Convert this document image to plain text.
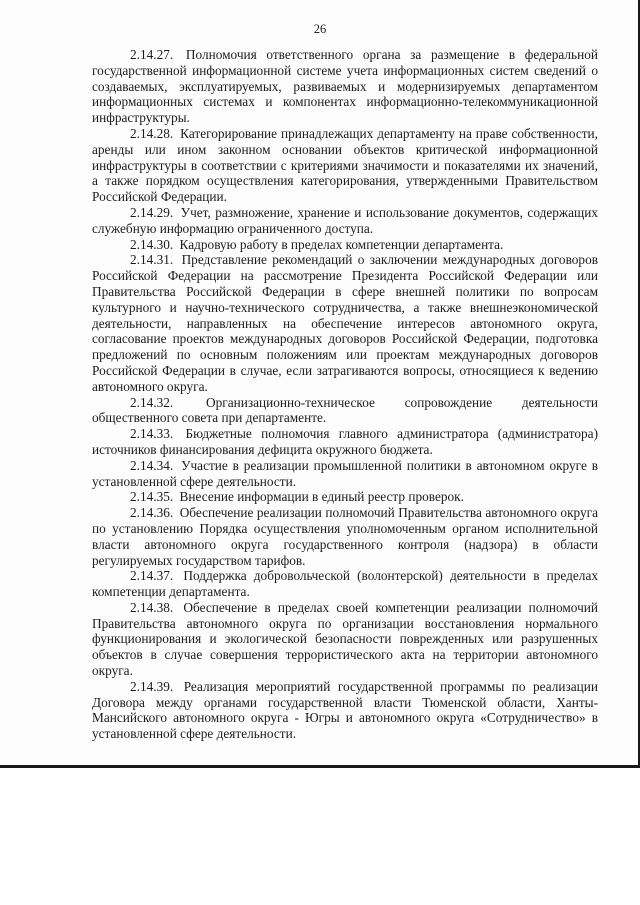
26

2.14.27. Полномочия ответственного органа за размещение в федеральной государственной информационной системе учета информационных систем сведений о создаваемых, эксплуатируемых, развиваемых и модернизируемых департаментом информационных системах и компонентах информационно-телекоммуникационной инфраструктуры.

2.14.28. Категорирование принадлежащих департаменту на праве собственности, аренды или ином законном основании объектов критической информационной инфраструктуры в соответствии с критериями значимости и показателями их значений, а также порядком осуществления категорирования, утвержденными Правительством Российской Федерации.

2.14.29. Учет, размножение, хранение и использование документов, содержащих служебную информацию ограниченного доступа.

2.14.30. Кадровую работу в пределах компетенции департамента.

2.14.31. Представление рекомендаций о заключении международных договоров Российской Федерации на рассмотрение Президента Российской Федерации или Правительства Российской Федерации в сфере внешней политики по вопросам культурного и научно-технического сотрудничества, а также внешнеэкономической деятельности, направленных на обеспечение интересов автономного округа, согласование проектов международных договоров Российской Федерации, подготовка предложений по основным положениям или проектам международных договоров Российской Федерации в случае, если затрагиваются вопросы, относящиеся к ведению автономного округа.

2.14.32. Организационно-техническое сопровождение деятельности общественного совета при департаменте.

2.14.33. Бюджетные полномочия главного администратора (администратора) источников финансирования дефицита окружного бюджета.

2.14.34. Участие в реализации промышленной политики в автономном округе в установленной сфере деятельности.

2.14.35. Внесение информации в единый реестр проверок.

2.14.36. Обеспечение реализации полномочий Правительства автономного округа по установлению Порядка осуществления уполномоченным органом исполнительной власти автономного округа государственного контроля (надзора) в области регулируемых государством тарифов.

2.14.37. Поддержка добровольческой (волонтерской) деятельности в пределах компетенции департамента.

2.14.38. Обеспечение в пределах своей компетенции реализации полномочий Правительства автономного округа по организации восстановления нормального функционирования и экологической безопасности поврежденных или разрушенных объектов в случае совершения террористического акта на территории автономного округа.

2.14.39. Реализация мероприятий государственной программы по реализации Договора между органами государственной власти Тюменской области, Ханты-Мансийского автономного округа - Югры и автономного округа «Сотрудничество» в установленной сфере деятельности.
